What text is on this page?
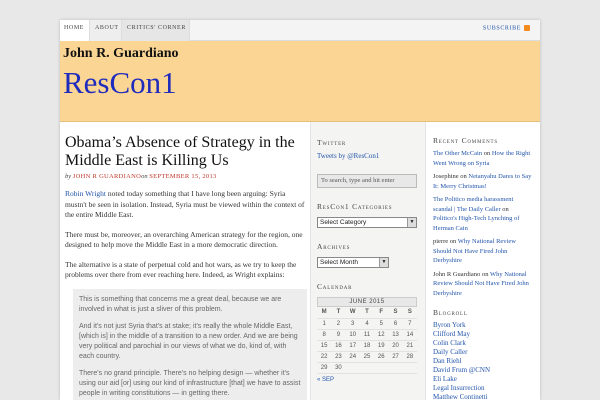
HOME	ABOUT	CRITICS' CORNER	SUBSCRIBE
John R. Guardiano
ResCon1
Obama’s Absence of Strategy in the Middle East is Killing Us
by JOHN R GUARDIANOon SEPTEMBER 15, 2013

Robin Wright noted today something that I have long been arguing: Syria mustn't be seen in isolation. Instead, Syria must be viewed within the context of the entire Middle East.

There must be, moreover, an overarching American strategy for the region, one designed to help move the Middle East in a more democratic direction.

The alternative is a state of perpetual cold and hot wars, as we try to keep the problems over there from ever reaching here. Indeed, as Wright explains:

This is something that concerns me a great deal, because we are involved in what is just a sliver of this problem.

And it's not just Syria that's at stake; it's really the whole Middle East, [which is] in the middle of a transition to a new order. And we are being very political and parochial in our views of what we do, kind of, with each country.

There's no grand principle. There's no helping design — whether it's using our aid [or] using our kind of infrastructure [that] we have to assist people in writing constitutions — in getting there.

Twitter
Tweets by @ResCon1
To search, type and hit enter
ResCon1 Categories
Select Category	▼
Archives
Select Month	▼
Calendar
JUNE 2015
M	T	W	T	F	S	S
1	2	3	4	5	6	7
8	9	10	11	12	13	14
15	16	17	18	19	20	21
22	23	24	25	26	27	28
29	30					
« SEP
Recent Comments
The Other McCain on How the Right Went Wrong on Syria
Josephine on Netanyahu Dares to Say It: Merry Christmas!
The Politico media harassment scandal | The Daily Caller on Politico's High-Tech Lynching of Herman Cain
pierre on Why National Review Should Not Have Fired John Derbyshire
John R Guardiano on Why National Review Should Not Have Fired John Derbyshire
Blogroll
Byron York
Clifford May
Colin Clark
Daily Caller
Dan Riehl
David Frum @CNN
Eli Lake
Legal Insurrection
Matthew Continetti
